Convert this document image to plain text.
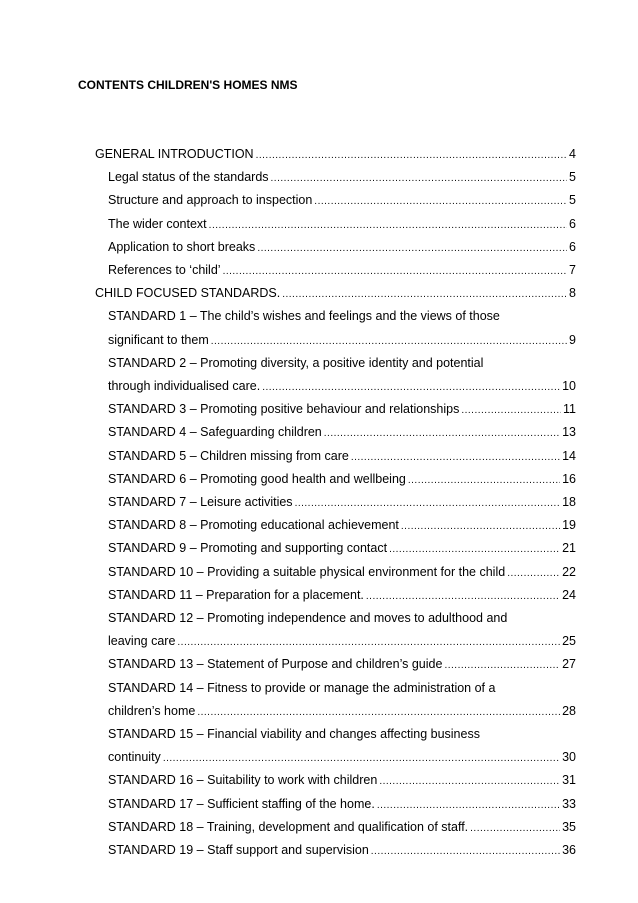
CONTENTS CHILDREN'S HOMES NMS
GENERAL INTRODUCTION .....	4
Legal status of the standards .....	5
Structure and approach to inspection .....	5
The wider context .....	6
Application to short breaks .....	6
References to ‘child’ .....	7
CHILD FOCUSED STANDARDS. .....	8
STANDARD 1 – The child’s wishes and feelings and the views of those
significant to them .....	9
STANDARD 2 – Promoting diversity, a positive identity and potential
through individualised care. .....	10
STANDARD 3 – Promoting positive behaviour and relationships .....	11
STANDARD 4 – Safeguarding children .....	13
STANDARD 5 – Children missing from care .....	14
STANDARD 6 – Promoting good health and wellbeing .....	16
STANDARD 7 – Leisure activities .....	18
STANDARD 8 – Promoting educational achievement .....	19
STANDARD 9 – Promoting and supporting contact .....	21
STANDARD 10 – Providing a suitable physical environment for the child .....	22
STANDARD 11 – Preparation for a placement. .....	24
STANDARD 12 – Promoting independence and moves to adulthood and
leaving care .....	25
STANDARD 13 – Statement of Purpose and children’s guide .....	27
STANDARD 14 – Fitness to provide or manage the administration of a
children’s home .....	28
STANDARD 15 – Financial viability and changes affecting business
continuity .....	30
STANDARD 16 – Suitability to work with children .....	31
STANDARD 17 – Sufficient staffing of the home. .....	33
STANDARD 18 – Training, development and qualification of staff. .....	35
STANDARD 19 – Staff support and supervision .....	36
